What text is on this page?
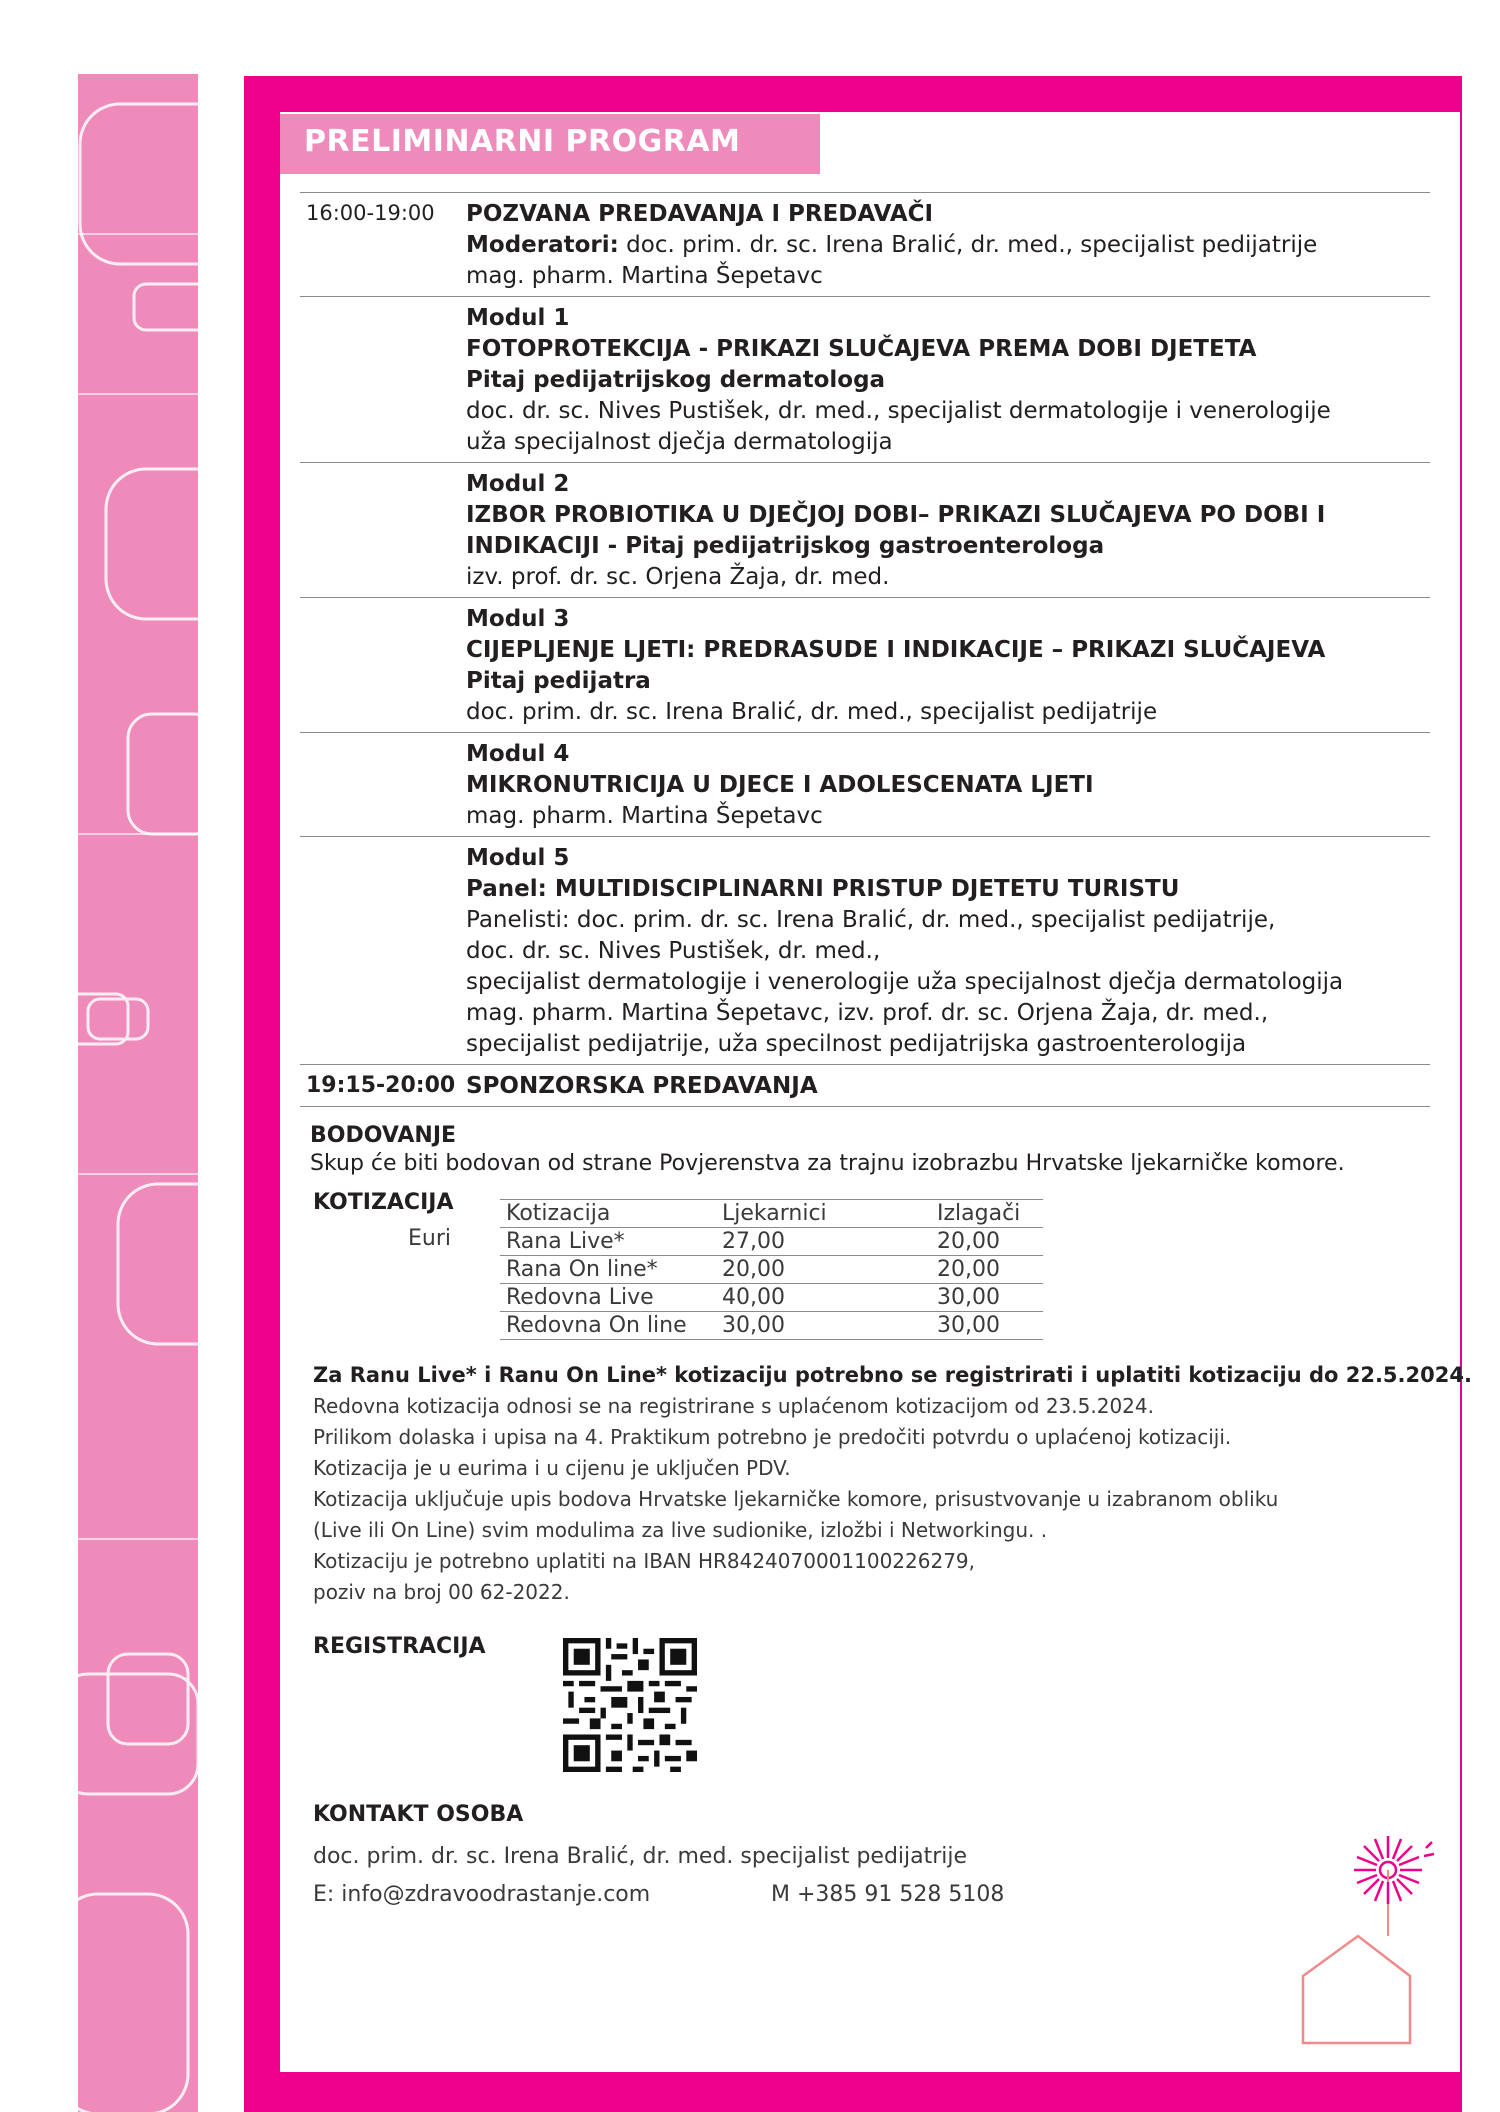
PRELIMINARNI PROGRAM
16:00-19:00	POZVANA PREDAVANJA I PREDAVAČI
Moderatori: doc. prim. dr. sc. Irena Bralić, dr. med., specijalist pedijatrije
mag. pharm. Martina Šepetavc
Modul 1
FOTOPROTEKCIJA - PRIKAZI SLUČAJEVA PREMA DOBI DJETETA
Pitaj pedijatrijskog dermatologa
doc. dr. sc. Nives Pustišek, dr. med., specijalist dermatologije i venerologije
uža specijalnost dječja dermatologija
Modul 2
IZBOR PROBIOTIKA U DJEČJOJ DOBI– PRIKAZI SLUČAJEVA PO DOBI I
INDIKACIJI - Pitaj pedijatrijskog gastroenterologa
izv. prof. dr. sc. Orjena Žaja, dr. med.
Modul 3
CIJEPLJENJE LJETI: PREDRASUDE I INDIKACIJE – PRIKAZI SLUČAJEVA
Pitaj pedijatra
doc. prim. dr. sc. Irena Bralić, dr. med., specijalist pedijatrije
Modul 4
MIKRONUTRICIJA U DJECE I ADOLESCENATA LJETI
mag. pharm. Martina Šepetavc
Modul 5
Panel: MULTIDISCIPLINARNI PRISTUP DJETETU TURISTU
Panelisti: doc. prim. dr. sc. Irena Bralić, dr. med., specijalist pedijatrije,
doc. dr. sc. Nives Pustišek, dr. med.,
specijalist dermatologije i venerologije uža specijalnost dječja dermatologija
mag. pharm. Martina Šepetavc, izv. prof. dr. sc. Orjena Žaja, dr. med.,
specijalist pedijatrije, uža specilnost pedijatrijska gastroenterologija
19:15-20:00 SPONZORSKA PREDAVANJA
BODOVANJE
Skup će biti bodovan od strane Povjerenstva za trajnu izobrazbu Hrvatske ljekarničke komore.
KOTIZACIJA
Euri
Kotizacija	Ljekarnici	Izlagači
Rana Live*	27,00	20,00
Rana On line*	20,00	20,00
Redovna Live	40,00	30,00
Redovna On line	30,00	30,00
Za Ranu Live* i Ranu On Line* kotizaciju potrebno se registrirati i uplatiti kotizaciju do 22.5.2024.
Redovna kotizacija odnosi se na registrirane s uplaćenom kotizacijom od 23.5.2024.
Prilikom dolaska i upisa na 4. Praktikum potrebno je predočiti potvrdu o uplaćenoj kotizaciji.
Kotizacija je u eurima i u cijenu je uključen PDV.
Kotizacija uključuje upis bodova Hrvatske ljekarničke komore, prisustvovanje u izabranom obliku
(Live ili On Line) svim modulima za live sudionike, izložbi i Networkingu. .
Kotizaciju je potrebno uplatiti na IBAN HR8424070001100226279,
poziv na broj 00 62-2022.
REGISTRACIJA
KONTAKT OSOBA
doc. prim. dr. sc. Irena Bralić, dr. med. specijalist pedijatrije
E: info@zdravoodrastanje.com	M +385 91 528 5108
